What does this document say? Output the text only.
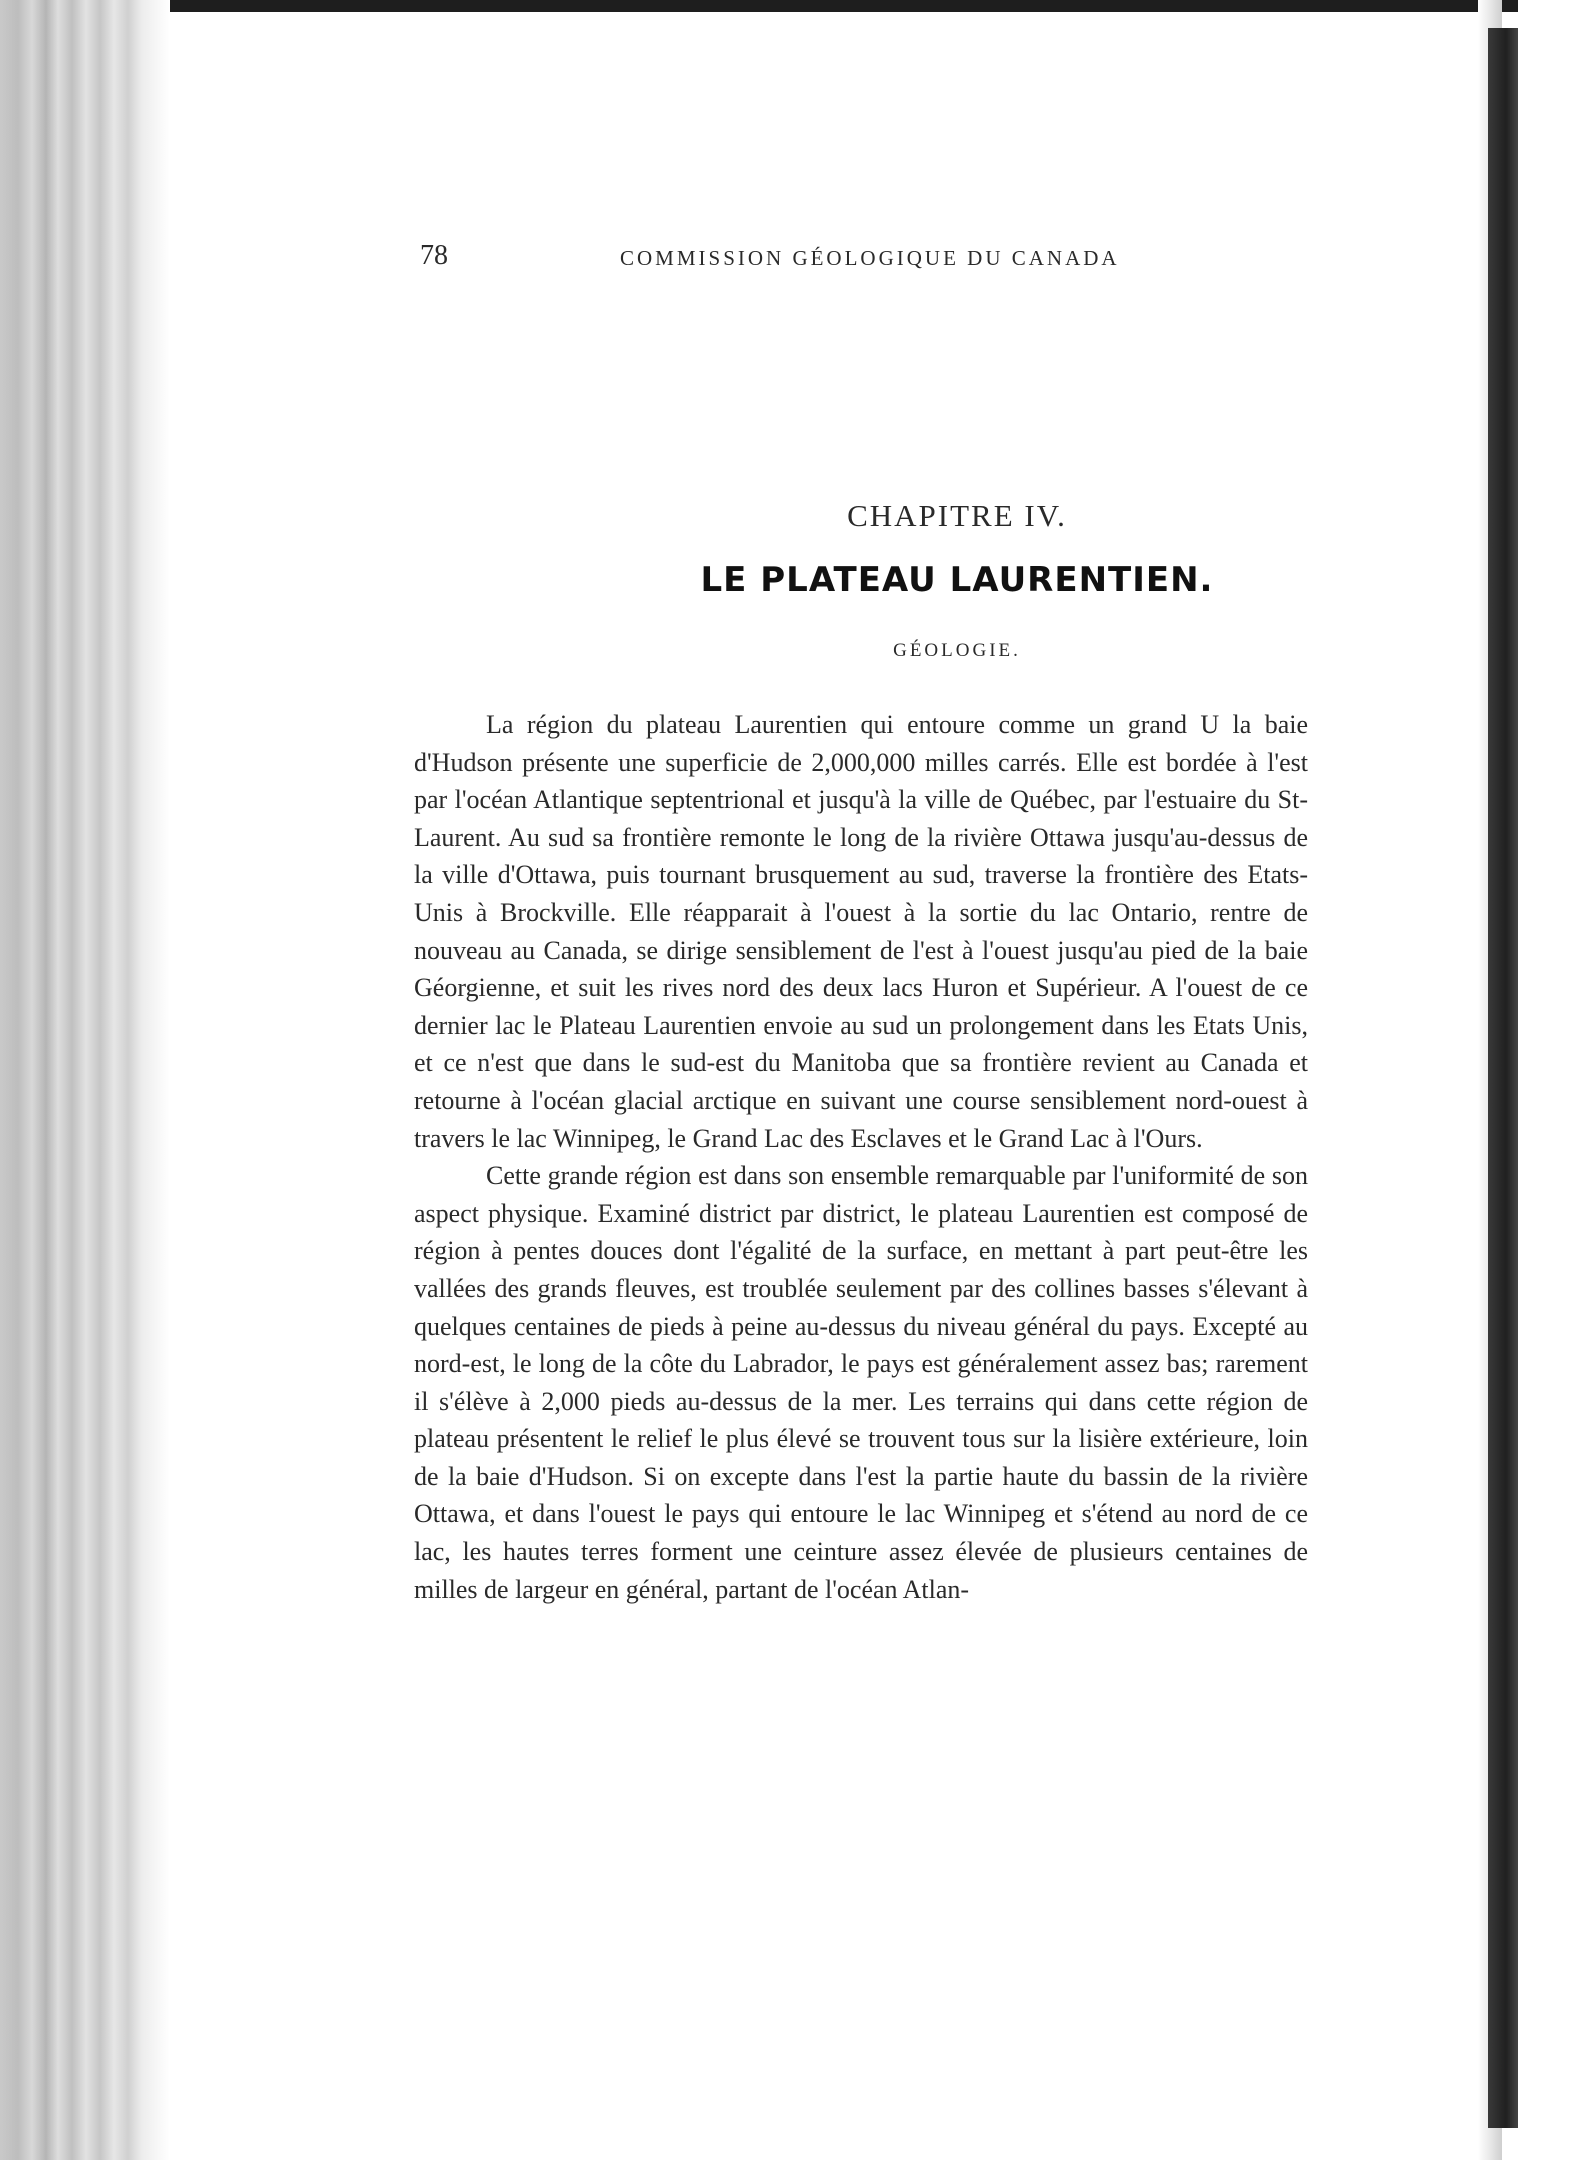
78	COMMISSION GÉOLOGIQUE DU CANADA
CHAPITRE IV.
LE PLATEAU LAURENTIEN.
GÉOLOGIE.

La région du plateau Laurentien qui entoure comme un grand U la baie d'Hudson présente une superficie de 2,000,000 milles carrés. Elle est bordée à l'est par l'océan Atlantique septentrional et jusqu'à la ville de Québec, par l'estuaire du St-Laurent. Au sud sa frontière remonte le long de la rivière Ottawa jusqu'au-dessus de la ville d'Ottawa, puis tournant brusquement au sud, traverse la frontière des Etats-Unis à Brockville. Elle réapparait à l'ouest à la sortie du lac Ontario, rentre de nouveau au Canada, se dirige sensiblement de l'est à l'ouest jusqu'au pied de la baie Géorgienne, et suit les rives nord des deux lacs Huron et Supérieur. A l'ouest de ce dernier lac le Plateau Laurentien envoie au sud un prolongement dans les Etats Unis, et ce n'est que dans le sud-est du Manitoba que sa frontière revient au Canada et retourne à l'océan glacial arctique en suivant une course sensiblement nord-ouest à travers le lac Winnipeg, le Grand Lac des Esclaves et le Grand Lac à l'Ours.

Cette grande région est dans son ensemble remarquable par l'uniformité de son aspect physique. Examiné district par district, le plateau Laurentien est composé de région à pentes douces dont l'égalité de la surface, en mettant à part peut-être les vallées des grands fleuves, est troublée seulement par des collines basses s'élevant à quelques centaines de pieds à peine au-dessus du niveau général du pays. Excepté au nord-est, le long de la côte du Labrador, le pays est généralement assez bas; rarement il s'élève à 2,000 pieds au-dessus de la mer. Les terrains qui dans cette région de plateau présentent le relief le plus élevé se trouvent tous sur la lisière extérieure, loin de la baie d'Hudson. Si on excepte dans l'est la partie haute du bassin de la rivière Ottawa, et dans l'ouest le pays qui entoure le lac Winnipeg et s'étend au nord de ce lac, les hautes terres forment une ceinture assez élevée de plusieurs centaines de milles de largeur en général, partant de l'océan Atlan-
